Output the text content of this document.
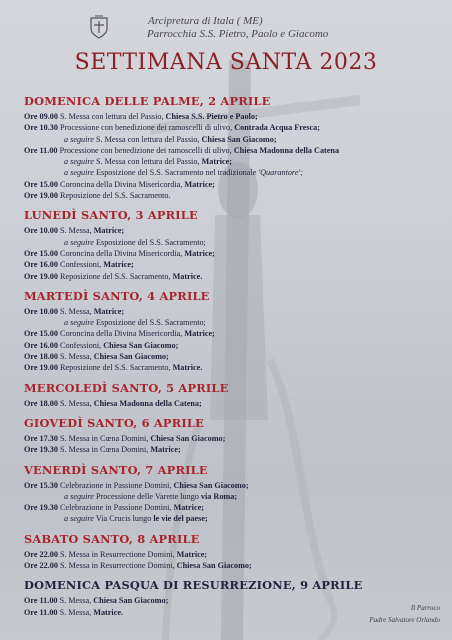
Arcipretura di Itala ( ME)
Parrocchia S.S. Pietro, Paolo e Giacomo
SETTIMANA SANTA 2023
DOMENICA DELLE PALME, 2 APRILE
Ore 09.00 S. Messa con lettura del Passio, Chiesa S.S. Pietro e Paolo;
Ore 10.30 Processione con benedizione dei ramoscelli di ulivo, Contrada Acqua Fresca;
a seguire S. Messa con lettura del Passio, Chiesa San Giacomo;
Ore 11.00 Processione con benedizione dei ramoscelli di ulivo, Chiesa Madonna della Catena
a seguire S. Messa con lettura del Passio, Matrice;
a seguire Esposizione del S.S. Sacramento nel tradizionale 'Quarantore';
Ore 15.00 Coroncina della Divina Misericordia, Matrice;
Ore 19.00 Reposizione del S.S. Sacramento.
LUNEDÌ SANTO, 3 APRILE
Ore 10.00 S. Messa, Matrice;
a seguire Esposizione del S.S. Sacramento;
Ore 15.00 Coroncina della Divina Misericordia, Matrice;
Ore 16.00 Confessioni, Matrice;
Ore 19.00 Reposizione del S.S. Sacramento, Matrice.
MARTEDÌ SANTO, 4 APRILE
Ore 10.00 S. Messa, Matrice;
a seguire Esposizione del S.S. Sacramento;
Ore 15.00 Coroncina della Divina Misericordia, Matrice;
Ore 16.00 Confessioni, Chiesa San Giacomo;
Ore 18.00 S. Messa, Chiesa San Giacomo;
Ore 19.00 Reposizione del S.S. Sacramento, Matrice.
MERCOLEDÌ SANTO, 5 APRILE
Ore 18.00 S. Messa, Chiesa Madonna della Catena;
GIOVEDÌ SANTO, 6 APRILE
Ore 17.30 S. Messa in Cœna Domini, Chiesa San Giacomo;
Ore 19.30 S. Messa in Cœna Domini, Matrice;
VENERDÌ SANTO, 7 APRILE
Ore 15.30 Celebrazione in Passione Domini, Chiesa San Giacomo;
a seguire Processione delle Varette lungo via Roma;
Ore 19.30 Celebrazione in Passione Domini, Matrice;
a seguire Via Crucis lungo le vie del paese;
SABATO SANTO, 8 APRILE
Ore 22.00 S. Messa in Resurrectione Domini, Matrice;
Ore 22.00 S. Messa in Resurrectione Domini, Chiesa San Giacomo;
DOMENICA PASQUA DI RESURREZIONE, 9 APRILE
Ore 11.00 S. Messa, Chiesa San Giacomo;
Ore 11.00 S. Messa, Matrice.	Il Parroco
Padre Salvatore Orlando
